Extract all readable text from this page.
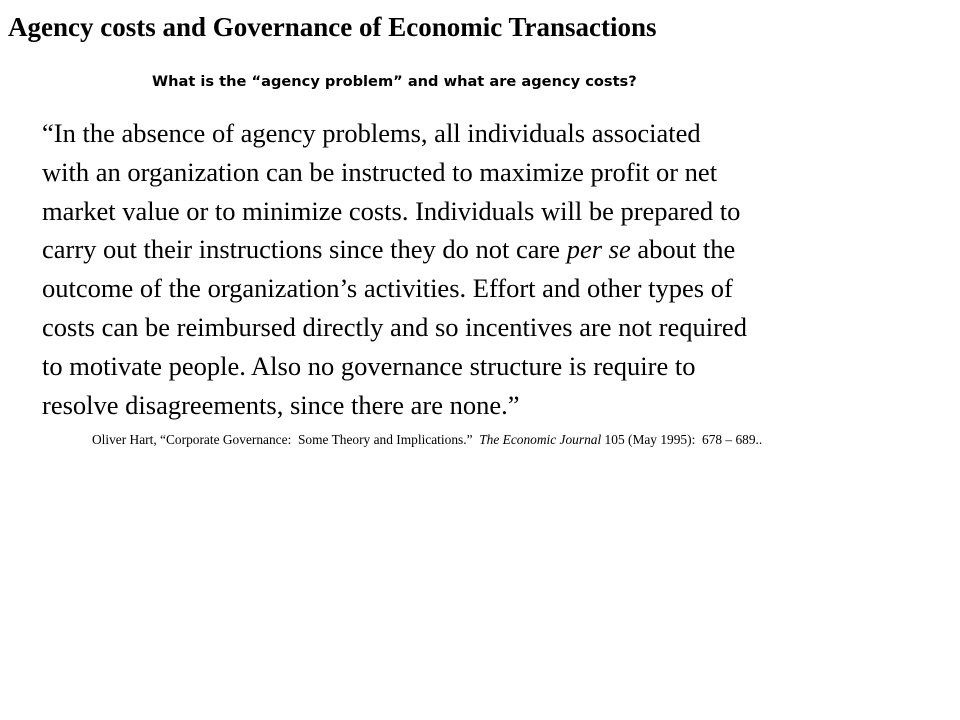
Agency costs and Governance of Economic Transactions
What is the “agency problem” and what are agency costs?
“In the absence of agency problems, all individuals associated
with an organization can be instructed to maximize profit or net
market value or to minimize costs. Individuals will be prepared to
carry out their instructions since they do not care per se about the
outcome of the organization’s activities. Effort and other types of
costs can be reimbursed directly and so incentives are not required
to motivate people. Also no governance structure is require to
resolve disagreements, since there are none.”

Oliver Hart, “Corporate Governance:  Some Theory and Implications.”  The Economic Journal 105 (May 1995):  678 – 689..
